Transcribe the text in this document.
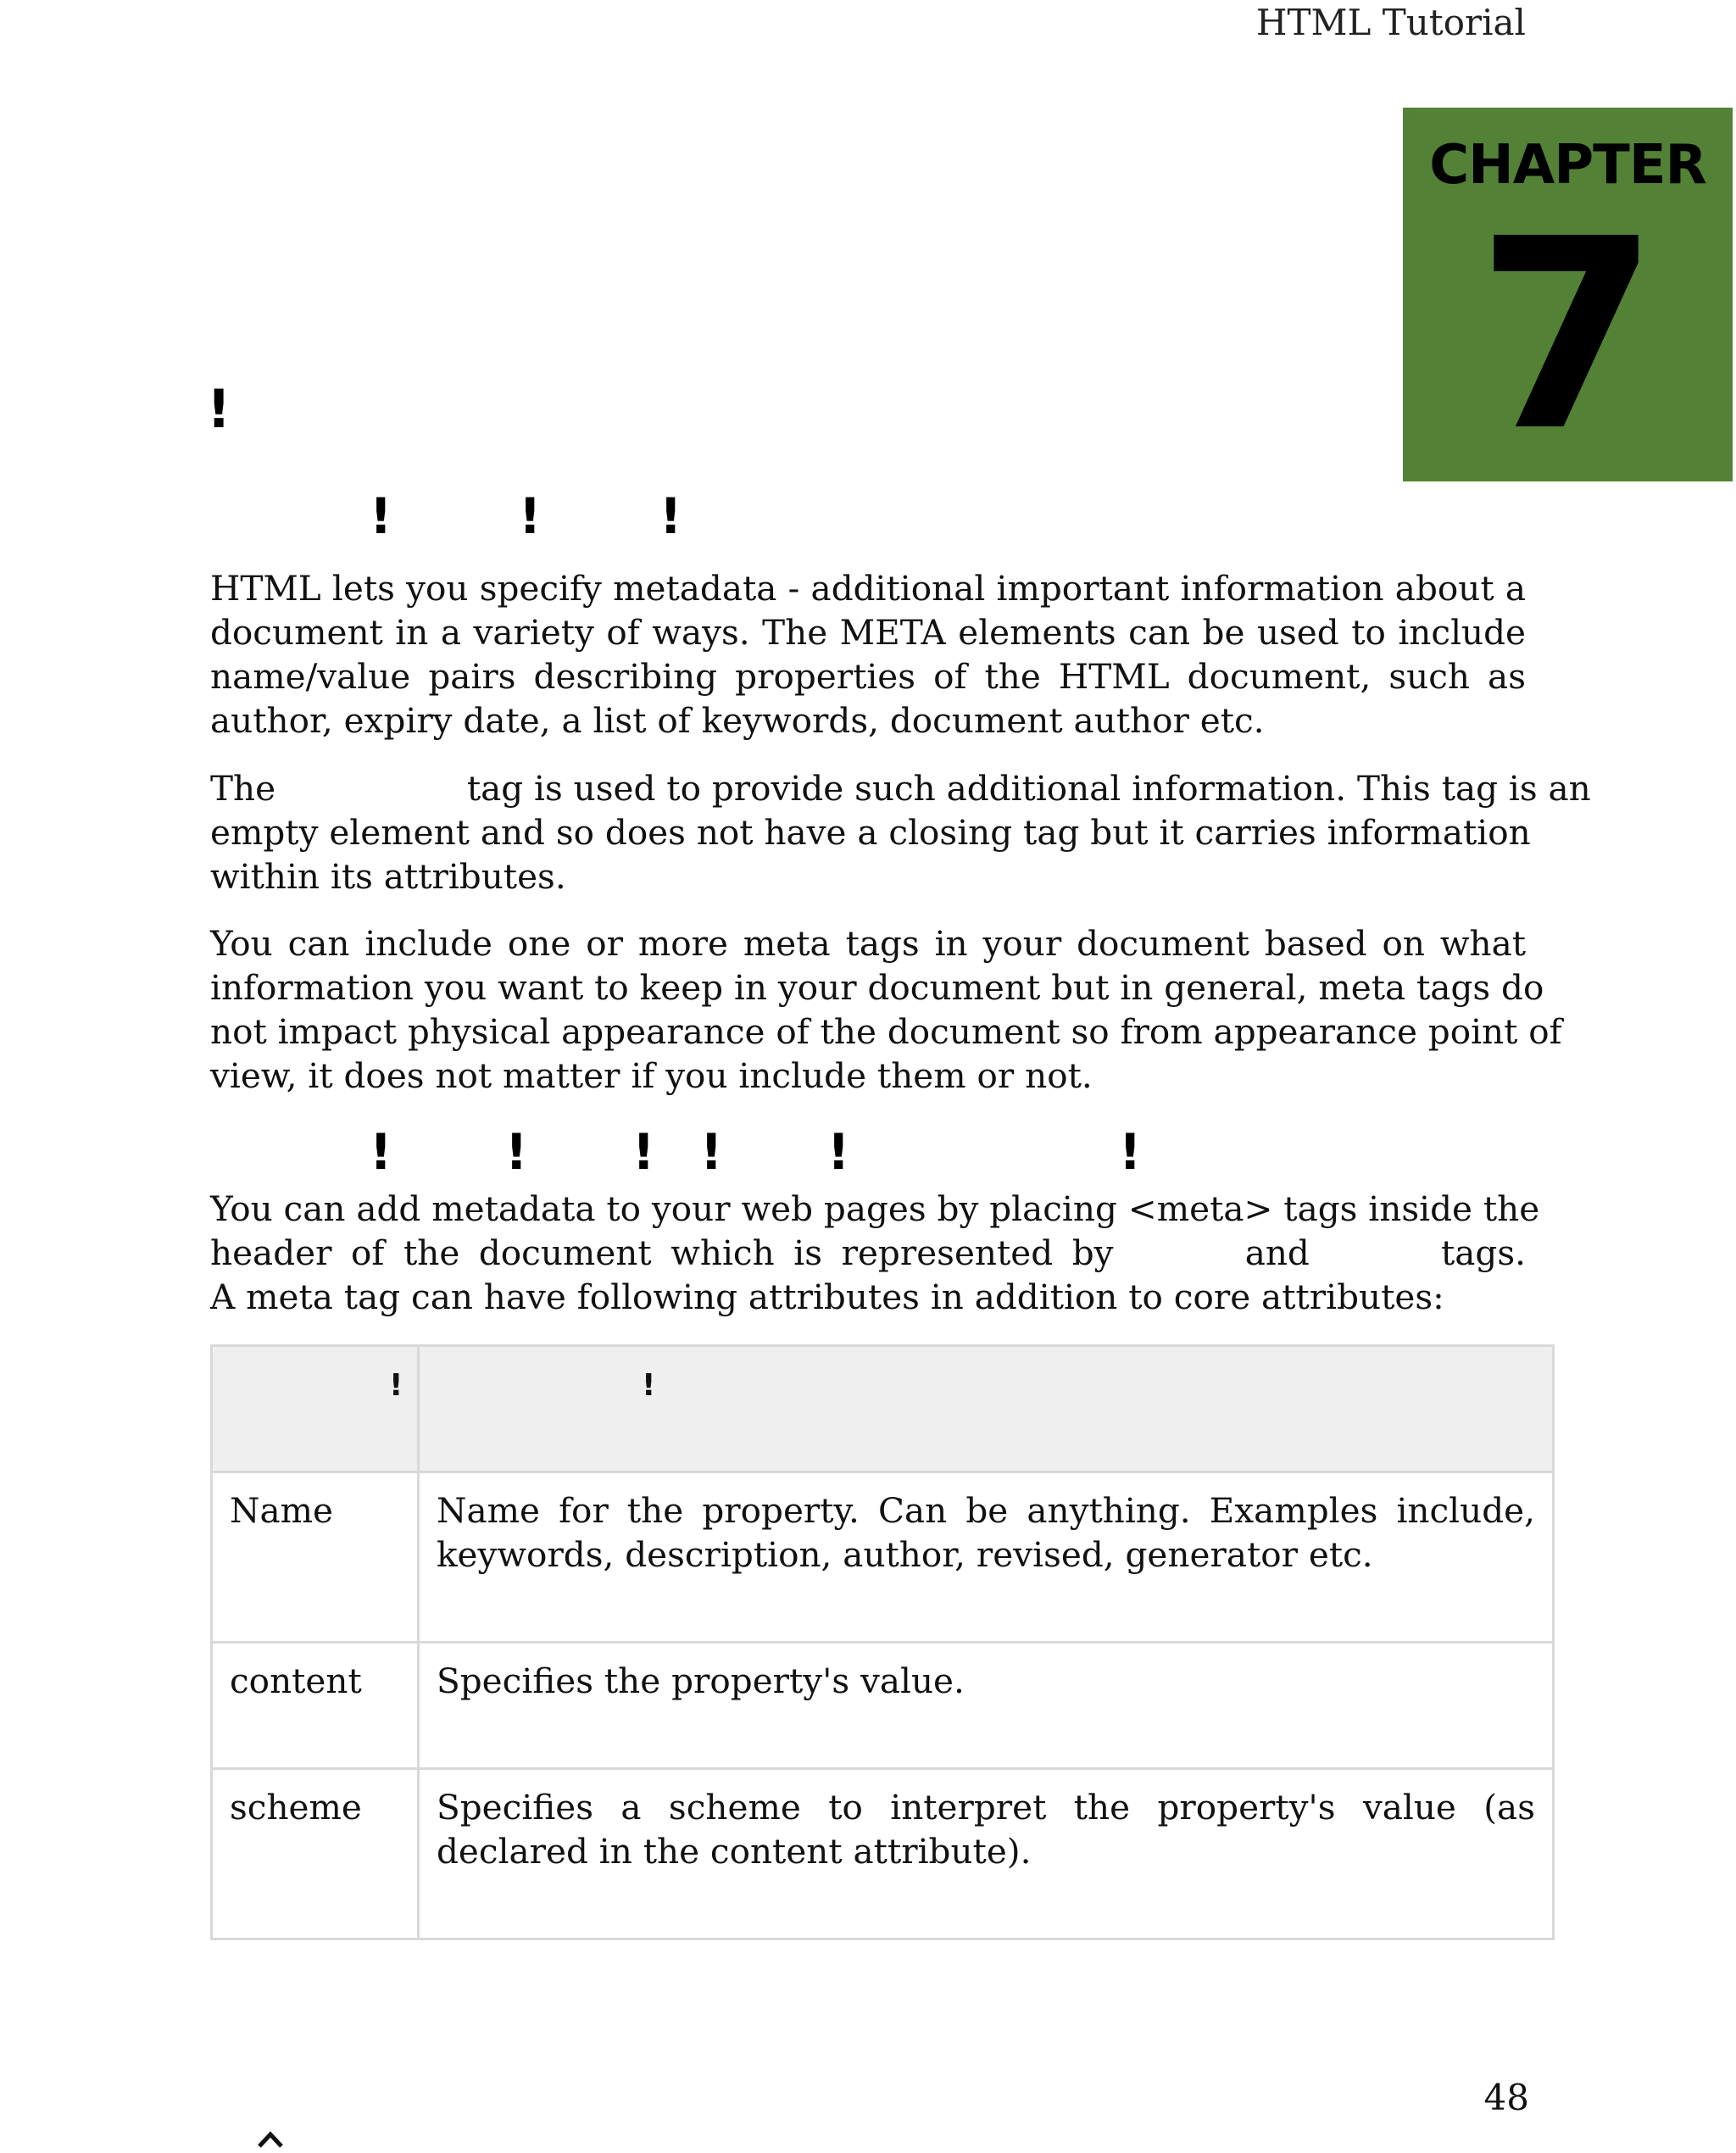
HTML Tutorial
CHAPTER
7
!
!	! !
HTML lets you specify metadata - additional important information about a
document in a variety of ways. The META elements can be used to include
name/value pairs describing properties of the HTML document, such as
author, expiry date, a list of keywords, document author etc.
The	tag is used to provide such additional information. This tag is an
empty element and so does not have a closing tag but it carries information
within its attributes.
You can include one or more meta tags in your document based on what
information you want to keep in your document but in general, meta tags do
not impact physical appearance of the document so from appearance point of
view, it does not matter if you include them or not.
! ! ! ! !	!
You can add metadata to your web pages by placing <meta> tags inside the
header of the document which is represented by	and	tags.
A meta tag can have following attributes in addition to core attributes:
!	!

Name	Name for the property. Can be anything. Examples include, keywords, description, author, revised, generator etc.
content	Specifies the property's value.
scheme	Specifies a scheme to interpret the property's value (as declared in the content attribute).
48
